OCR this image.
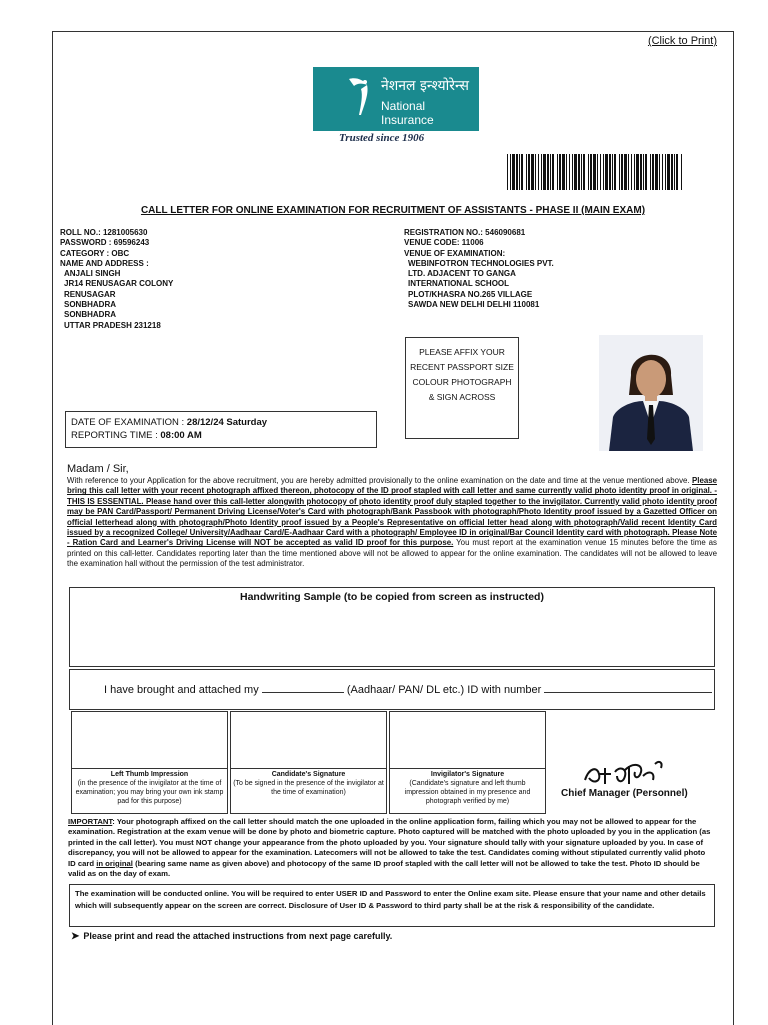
(Click to Print)
नेशनल इन्श्योरेन्स
National Insurance
Trusted since 1906
CALL LETTER FOR ONLINE EXAMINATION FOR RECRUITMENT OF ASSISTANTS - PHASE II (MAIN EXAM)
ROLL NO.: 1281005630
PASSWORD : 69596243
CATEGORY : OBC
NAME AND ADDRESS :
ANJALI SINGH
JR14 RENUSAGAR COLONY
RENUSAGAR
SONBHADRA
SONBHADRA
UTTAR PRADESH 231218
REGISTRATION NO.: 546090681
VENUE CODE: 11006
VENUE OF EXAMINATION:
WEBINFOTRON TECHNOLOGIES PVT.
LTD. ADJACENT TO GANGA
INTERNATIONAL SCHOOL
PLOT/KHASRA NO.265 VILLAGE
SAWDA NEW DELHI DELHI 110081
PLEASE AFFIX YOUR
RECENT PASSPORT SIZE
COLOUR PHOTOGRAPH
& SIGN ACROSS
DATE OF EXAMINATION : 28/12/24 Saturday
REPORTING TIME : 08:00 AM
Madam / Sir,
With reference to your Application for the above recruitment, you are hereby admitted provisionally to the online examination on the date and time at the venue mentioned above. Please bring this call letter with your recent photograph affixed thereon, photocopy of the ID proof stapled with call letter and same currently valid photo identity proof in original. - THIS IS ESSENTIAL. Please hand over this call-letter alongwith photocopy of photo identity proof duly stapled together to the invigilator. Currently valid photo identity proof may be PAN Card/Passport/ Permanent Driving License/Voter's Card with photograph/Bank Passbook with photograph/Photo Identity proof issued by a Gazetted Officer on official letterhead along with photograph/Photo Identity proof issued by a People's Representative on official letter head along with photograph/Valid recent Identity Card issued by a recognized College/ University/Aadhaar Card/E-Aadhaar Card with a photograph/ Employee ID in original/Bar Council Identity card with photograph. Please Note - Ration Card and Learner's Driving License will NOT be accepted as valid ID proof for this purpose. You must report at the examination venue 15 minutes before the time as printed on this call-letter. Candidates reporting later than the time mentioned above will not be allowed to appear for the online examination. The candidates will not be allowed to leave the examination hall without the permission of the test administrator.
Handwriting Sample (to be copied from screen as instructed)
I have brought and attached my	(Aadhaar/ PAN/ DL etc.) ID with number
Left Thumb Impression
(in the presence of the invigilator at the time of examination; you may bring your own ink stamp pad for this purpose)
Candidate's Signature
(To be signed in the presence of the invigilator at the time of examination)
Invigilator's Signature
(Candidate's signature and left thumb impression obtained in my presence and photograph verified by me)
Chief Manager (Personnel)
IMPORTANT: Your photograph affixed on the call letter should match the one uploaded in the online application form, failing which you may not be allowed to appear for the examination. Registration at the exam venue will be done by photo and biometric capture. Photo captured will be matched with the photo uploaded by you in the application (as printed in the call letter). You must NOT change your appearance from the photo uploaded by you. Your signature should tally with your signature uploaded by you. In case of discrepancy, you will not be allowed to appear for the examination. Latecomers will not be allowed to take the test. Candidates coming without stipulated currently valid photo ID card in original (bearing same name as given above) and photocopy of the same ID proof stapled with the call letter will not be allowed to take the test. Photo ID should be valid as on the day of exam.
The examination will be conducted online. You will be required to enter USER ID and Password to enter the Online exam site. Please ensure that your name and other details which will subsequently appear on the screen are correct. Disclosure of User ID & Password to third party shall be at the risk & responsibility of the candidate.
➤ Please print and read the attached instructions from next page carefully.
